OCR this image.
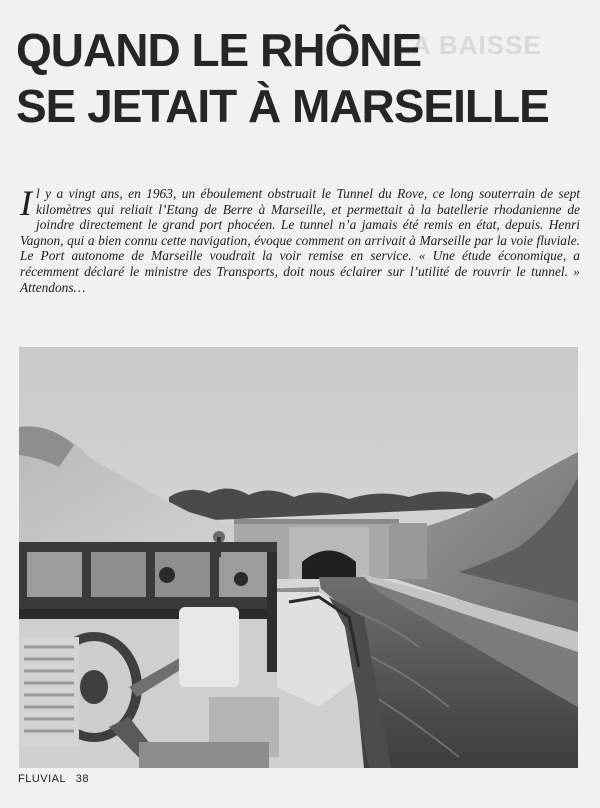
LA BAISSE
QUAND LE RHÔNE
SE JETAIT À MARSEILLE

Il y a vingt ans, en 1963, un éboulement obstruait le Tunnel du Rove, ce long souterrain de sept kilomètres qui reliait l’Etang de Berre à Marseille, et permettait à la batellerie rhodanienne de joindre directement le grand port phocéen. Le tunnel n’a jamais été remis en état, depuis. Henri Vagnon, qui a bien connu cette navigation, évoque comment on arrivait à Marseille par la voie fluviale. Le Port autonome de Marseille voudrait la voir remise en service. « Une étude économique, a récemment déclaré le ministre des Transports, doit nous éclairer sur l’utilité de rouvrir le tunnel. » Attendons…

FLUVIAL 38
